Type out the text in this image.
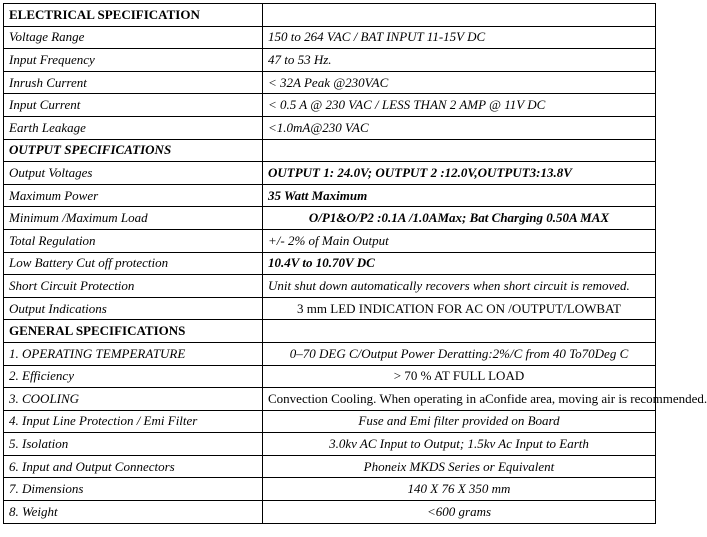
ELECTRICAL SPECIFICATION	
Voltage Range	150 to 264 VAC / BAT INPUT 11-15V DC
Input Frequency	47 to 53 Hz.
Inrush Current	< 32A Peak @230VAC
Input Current	< 0.5 A @ 230 VAC / LESS THAN 2 AMP @ 11V DC
Earth Leakage	<1.0mA@230 VAC
OUTPUT SPECIFICATIONS	
Output Voltages	OUTPUT 1: 24.0V; OUTPUT 2 :12.0V,OUTPUT3:13.8V
Maximum Power	35 Watt Maximum
Minimum /Maximum Load	O/P1&O/P2 :0.1A /1.0AMax; Bat Charging 0.50A MAX
Total Regulation	+/- 2% of Main Output
Low Battery Cut off protection	10.4V to 10.70V DC
Short Circuit Protection	Unit shut down automatically recovers when short circuit is removed.
Output Indications	3 mm LED INDICATION FOR AC ON /OUTPUT/LOWBAT
GENERAL SPECIFICATIONS	
1. OPERATING TEMPERATURE	0–70 DEG C/Output Power Deratting:2%/C from 40 To70Deg C
2. Efficiency	> 70 % AT FULL LOAD
3. COOLING	Convection Cooling. When operating in aConfide area, moving air is recommended.
4. Input Line Protection / Emi Filter	Fuse and Emi filter provided on Board
5. Isolation	3.0kv AC Input to Output; 1.5kv Ac Input to Earth
6. Input and Output Connectors	Phoneix MKDS Series or Equivalent
7. Dimensions	140 X 76 X 350 mm
8. Weight	<600 grams
